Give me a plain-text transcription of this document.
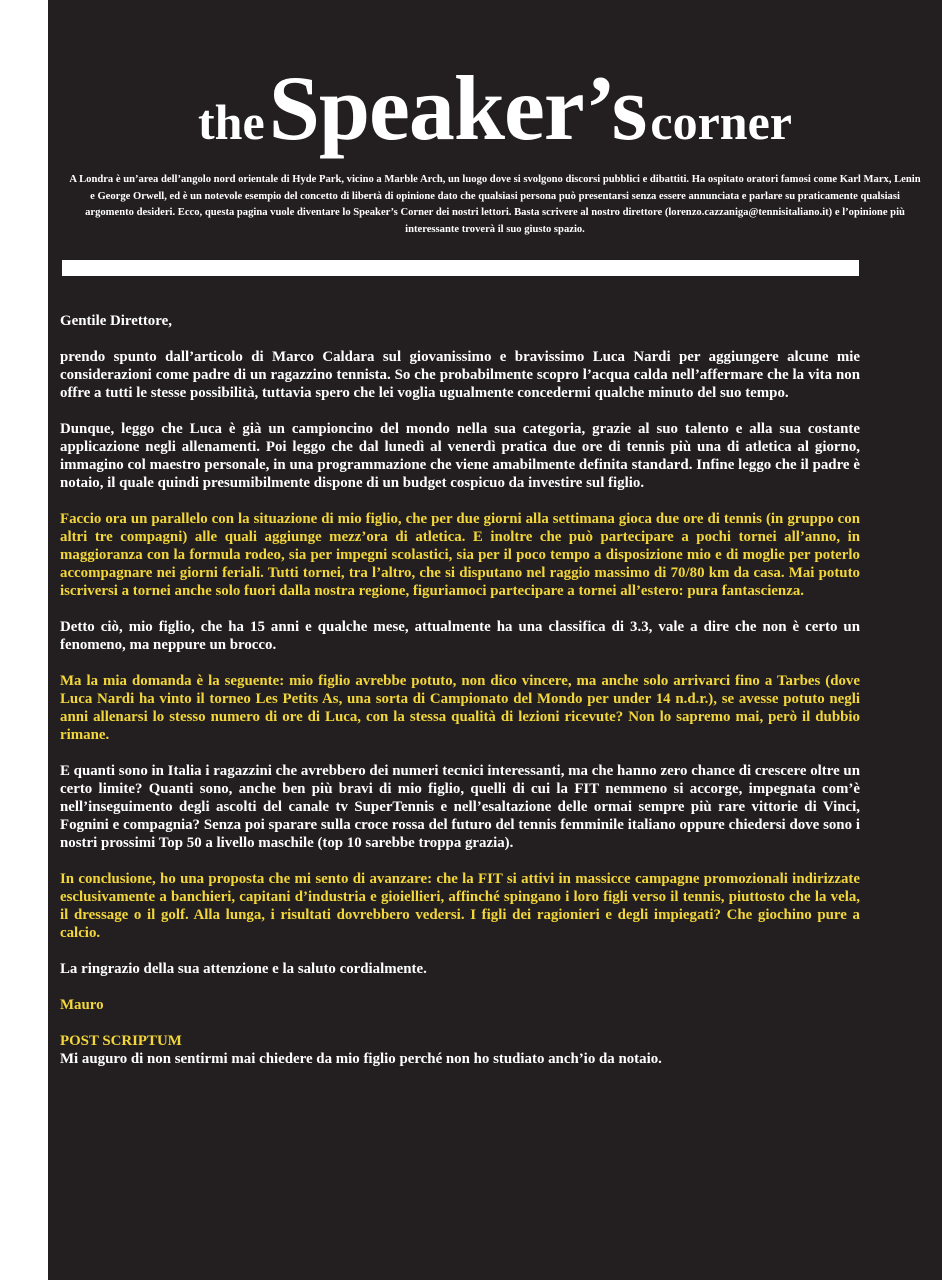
the Speaker’s corner
A Londra è un’area dell’angolo nord orientale di Hyde Park, vicino a Marble Arch, un luogo dove si svolgono discorsi pubblici e dibattiti. Ha ospitato oratori famosi come Karl Marx, Lenin e George Orwell, ed è un notevole esempio del concetto di libertà di opinione dato che qualsiasi persona può presentarsi senza essere annunciata e parlare su praticamente qualsiasi argomento desideri. Ecco, questa pagina vuole diventare lo Speaker’s Corner dei nostri lettori. Basta scrivere al nostro direttore (lorenzo.cazzaniga@tennisitaliano.it) e l’opinione più interessante troverà il suo giusto spazio.

Gentile Direttore,

prendo spunto dall’articolo di Marco Caldara sul giovanissimo e bravissimo Luca Nardi per aggiungere alcune mie considerazioni come padre di un ragazzino tennista. So che probabilmente scopro l’acqua calda nell’affermare che la vita non offre a tutti le stesse possibilità, tuttavia spero che lei voglia ugualmente concedermi qualche minuto del suo tempo.

Dunque, leggo che Luca è già un campioncino del mondo nella sua categoria, grazie al suo talento e alla sua costante applicazione negli allenamenti. Poi leggo che dal lunedì al venerdì pratica due ore di tennis più una di atletica al giorno, immagino col maestro personale, in una programmazione che viene amabilmente definita standard. Infine leggo che il padre è notaio, il quale quindi presumibilmente dispone di un budget cospicuo da investire sul figlio.

Faccio ora un parallelo con la situazione di mio figlio, che per due giorni alla settimana gioca due ore di tennis (in gruppo con altri tre compagni) alle quali aggiunge mezz’ora di atletica. E inoltre che può partecipare a pochi tornei all’anno, in maggioranza con la formula rodeo, sia per impegni scolastici, sia per il poco tempo a disposizione mio e di moglie per poterlo accompagnare nei giorni feriali. Tutti tornei, tra l’altro, che si disputano nel raggio massimo di 70/80 km da casa. Mai potuto iscriversi a tornei anche solo fuori dalla nostra regione, figuriamoci partecipare a tornei all’estero: pura fantascienza.

Detto ciò, mio figlio, che ha 15 anni e qualche mese, attualmente ha una classifica di 3.3, vale a dire che non è certo un fenomeno, ma neppure un brocco.

Ma la mia domanda è la seguente: mio figlio avrebbe potuto, non dico vincere, ma anche solo arrivarci fino a Tarbes (dove Luca Nardi ha vinto il torneo Les Petits As, una sorta di Campionato del Mondo per under 14 n.d.r.), se avesse potuto negli anni allenarsi lo stesso numero di ore di Luca, con la stessa qualità di lezioni ricevute? Non lo sapremo mai, però il dubbio rimane.

E quanti sono in Italia i ragazzini che avrebbero dei numeri tecnici interessanti, ma che hanno zero chance di crescere oltre un certo limite? Quanti sono, anche ben più bravi di mio figlio, quelli di cui la FIT nemmeno si accorge, impegnata com’è nell’inseguimento degli ascolti del canale tv SuperTennis e nell’esaltazione delle ormai sempre più rare vittorie di Vinci, Fognini e compagnia? Senza poi sparare sulla croce rossa del futuro del tennis femminile italiano oppure chiedersi dove sono i nostri prossimi Top 50 a livello maschile (top 10 sarebbe troppa grazia).

In conclusione, ho una proposta che mi sento di avanzare: che la FIT si attivi in massicce campagne promozionali indirizzate esclusivamente a banchieri, capitani d’industria e gioiellieri, affinché spingano i loro figli verso il tennis, piuttosto che la vela, il dressage o il golf. Alla lunga, i risultati dovrebbero vedersi. I figli dei ragionieri e degli impiegati? Che giochino pure a calcio.

La ringrazio della sua attenzione e la saluto cordialmente.

Mauro

POST SCRIPTUM

Mi auguro di non sentirmi mai chiedere da mio figlio perché non ho studiato anch’io da notaio.
